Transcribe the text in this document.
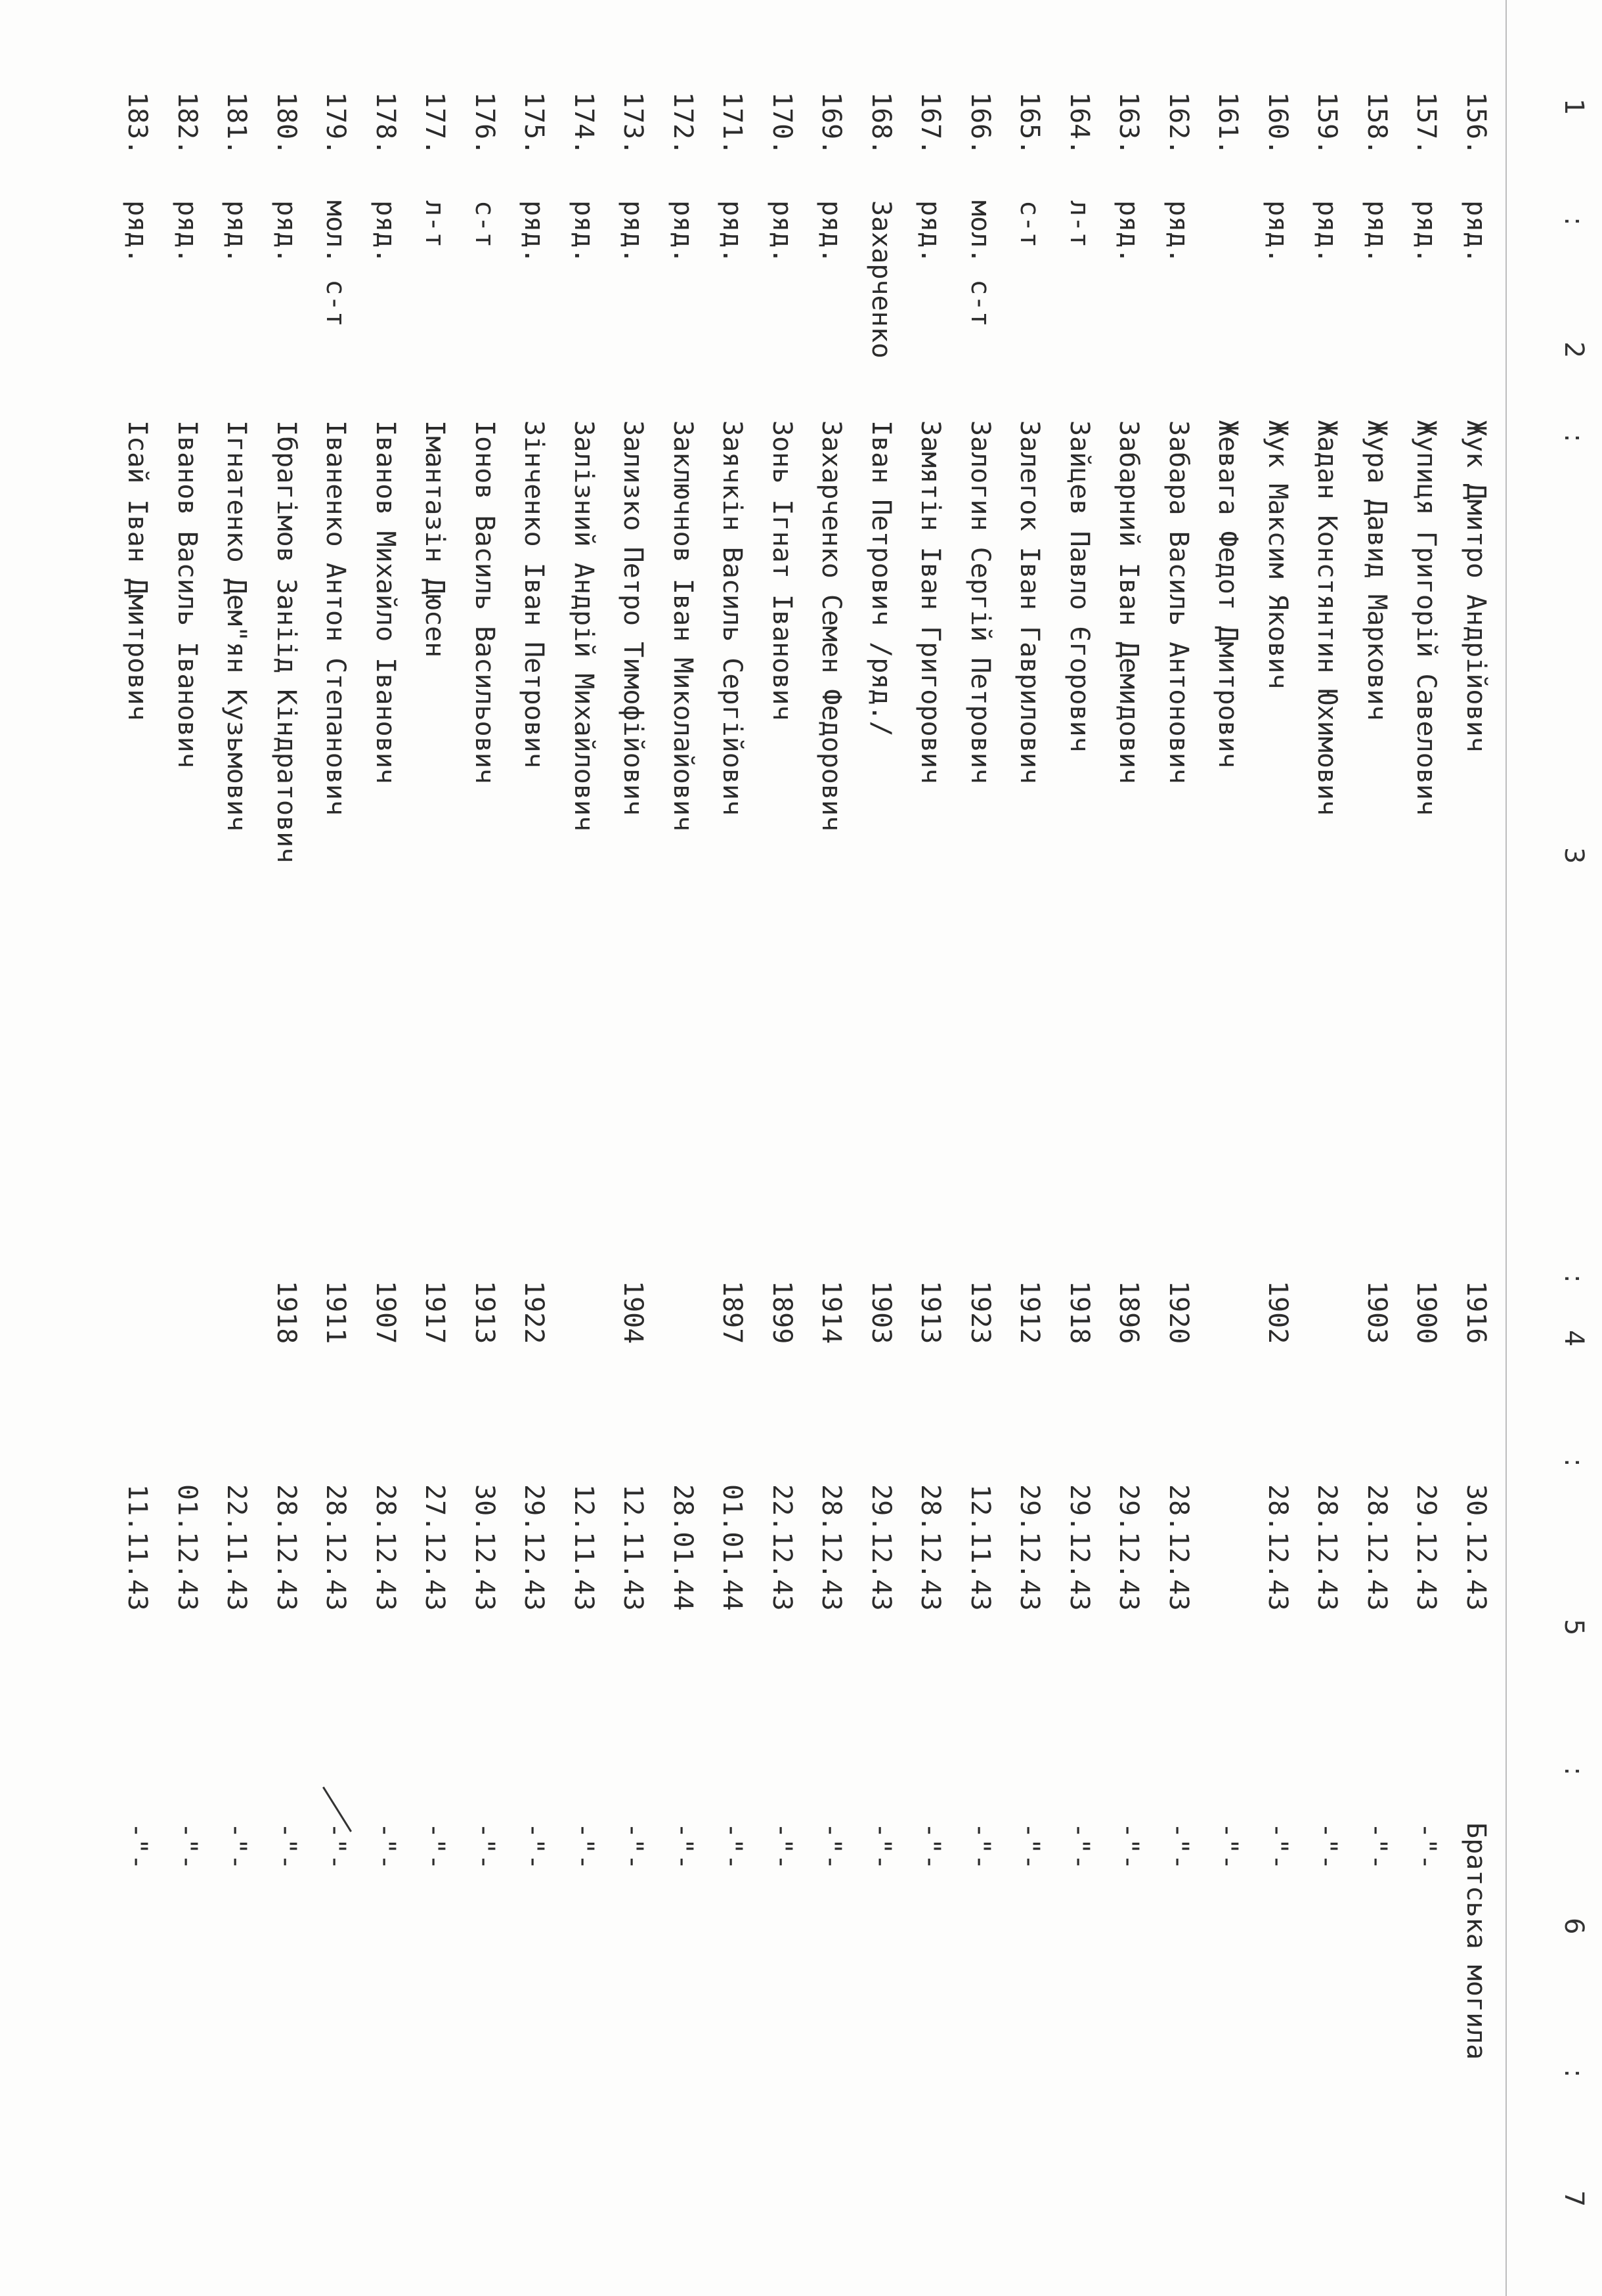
1
:
2
:
3
:
4
:
5
:
6
:
7
156.
ряд.
Жук Дмитро Андрійович
1916
30.12.43
Братська могила
157.
ряд.
Жупиця Григорій Савелович
1900
29.12.43
-"-
158.
ряд.
Жура Давид Маркович
1903
28.12.43
-"-
159.
ряд.
Жадан Констянтин Юхимович
28.12.43
-"-
160.
ряд.
Жук Максим Якович
1902
28.12.43
-"-
161.
Жевага Федот Дмитрович
-"-
162.
ряд.
Забара Василь Антонович
1920
28.12.43
-"-
163.
ряд.
Забарний Іван Демидович
1896
29.12.43
-"-
164.
л-т
Зайцев Павло Єгорович
1918
29.12.43
-"-
165.
с-т
Залегок Іван Гаврилович
1912
29.12.43
-"-
166.
мол. с-т
Залогин Сергій Петрович
1923
12.11.43
-"-
167.
ряд.
Замятін Іван Григорович
1913
28.12.43
-"-
168.
Захарченко
Іван Петрович /ряд./
1903
29.12.43
-"-
169.
ряд.
Захарченко Семен Федорович
1914
28.12.43
-"-
170.
ряд.
Зонь Ігнат Іванович
1899
22.12.43
-"-
171.
ряд.
Заячкін Василь Сергійович
1897
01.01.44
-"-
172.
ряд.
Заключнов Іван Миколайович
28.01.44
-"-
173.
ряд.
Зализко Петро Тимофійович
1904
12.11.43
-"-
174.
ряд.
Залізний Андрій Михайлович
12.11.43
-"-
175.
ряд.
Зінченко Іван Петрович
1922
29.12.43
-"-
176.
с-т
Іонов Василь Васильович
1913
30.12.43
-"-
177.
л-т
Імантазін Дюсен
1917
27.12.43
-"-
178.
ряд.
Іванов Михайло Іванович
1907
28.12.43
-"-
179.
мол. с-т
Іваненко Антон Степанович
1911
28.12.43
-"-
180.
ряд.
Ібрагімов Заніід Кіндратович
1918
28.12.43
-"-
181.
ряд.
Ігнатенко Дем"ян Кузьмович
22.11.43
-"-
182.
ряд.
Іванов Василь Іванович
01.12.43
-"-
183.
ряд.
Ісай Іван Дмитрович
11.11.43
-"-
